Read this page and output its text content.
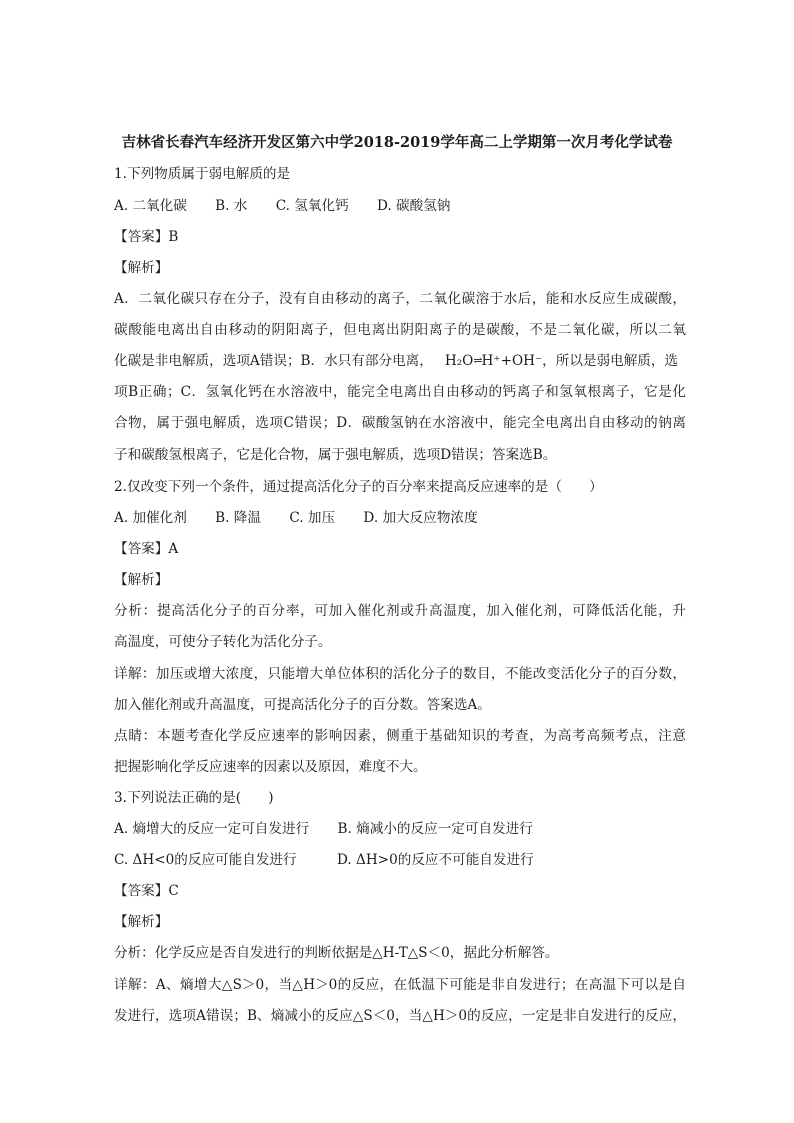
吉林省长春汽车经济开发区第六中学2018-2019学年高二上学期第一次月考化学试卷
1.下列物质属于弱电解质的是
A. 二氧化碳 B. 水 C. 氢氧化钙 D. 碳酸氢钠
【答案】B
【解析】
A．二氧化碳只存在分子，没有自由移动的离子，二氧化碳溶于水后，能和水反应生成碳酸，
碳酸能电离出自由移动的阴阳离子，但电离出阴阳离子的是碳酸，不是二氧化碳，所以二氧
化碳是非电解质，选项A错误；B．水只有部分电离， H₂O⇌H⁺+OH⁻，所以是弱电解质，选
项B正确；C．氢氧化钙在水溶液中，能完全电离出自由移动的钙离子和氢氧根离子，它是化
合物，属于强电解质，选项C错误；D．碳酸氢钠在水溶液中，能完全电离出自由移动的钠离
子和碳酸氢根离子，它是化合物，属于强电解质，选项D错误；答案选B。
2.仅改变下列一个条件，通过提高活化分子的百分率来提高反应速率的是（　　）
A. 加催化剂 B. 降温 C. 加压 D. 加大反应物浓度
【答案】A
【解析】
分析：提高活化分子的百分率，可加入催化剂或升高温度，加入催化剂，可降低活化能，升
高温度，可使分子转化为活化分子。
详解：加压或增大浓度，只能增大单位体积的活化分子的数目，不能改变活化分子的百分数，
加入催化剂或升高温度，可提高活化分子的百分数。答案选A。
点睛：本题考查化学反应速率的影响因素，侧重于基础知识的考查，为高考高频考点，注意
把握影响化学反应速率的因素以及原因，难度不大。
3.下列说法正确的是(　　)
A. 熵增大的反应一定可自发进行 B. 熵减小的反应一定可自发进行
C. ΔH<0的反应可能自发进行	D. ΔH>0的反应不可能自发进行
【答案】C
【解析】
分析：化学反应是否自发进行的判断依据是△H-T△S＜0，据此分析解答。
详解：A、熵增大△S＞0，当△H＞0的反应，在低温下可能是非自发进行；在高温下可以是自
发进行，选项A错误；B、熵减小的反应△S＜0，当△H＞0的反应，一定是非自发进行的反应，
